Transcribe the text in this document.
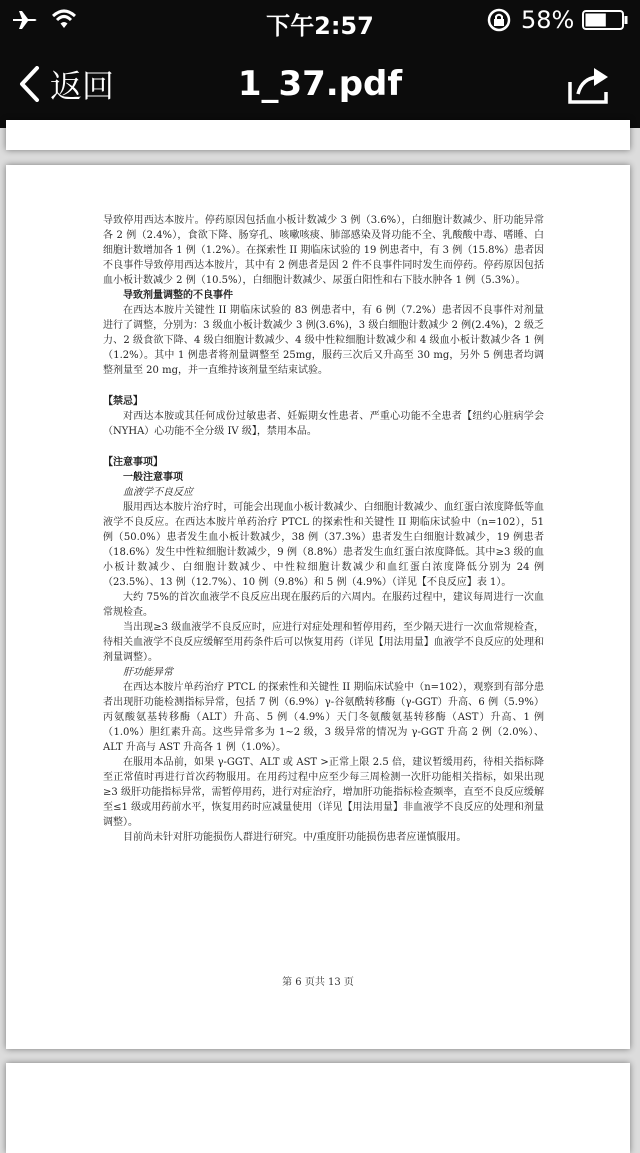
下午2:57	58%
返回	1_37.pdf

导致停用西达本胺片。停药原因包括血小板计数减少 3 例（3.6%），白细胞计数减少、肝功能异常各 2 例（2.4%），食欲下降、肠穿孔、咳嗽咳痰、肺部感染及肾功能不全、乳酸酸中毒、嗜睡、白细胞计数增加各 1 例（1.2%）。在探索性 II 期临床试验的 19 例患者中，有 3 例（15.8%）患者因不良事件导致停用西达本胺片，其中有 2 例患者是因 2 件不良事件同时发生而停药。停药原因包括血小板计数减少 2 例（10.5%），白细胞计数减少、尿蛋白阳性和右下肢水肿各 1 例（5.3%）。

导致剂量调整的不良事件

在西达本胺片关键性 II 期临床试验的 83 例患者中，有 6 例（7.2%）患者因不良事件对剂量进行了调整，分别为：3 级血小板计数减少 3 例(3.6%)，3 级白细胞计数减少 2 例(2.4%)，2 级乏力、2 级食欲下降、4 级白细胞计数减少、4 级中性粒细胞计数减少和 4 级血小板计数减少各 1 例（1.2%）。其中 1 例患者将剂量调整至 25mg，服药三次后又升高至 30 mg，另外 5 例患者均调整剂量至 20 mg，并一直维持该剂量至结束试验。

【禁忌】

对西达本胺或其任何成份过敏患者、妊娠期女性患者、严重心功能不全患者【纽约心脏病学会（NYHA）心功能不全分级 IV 级】，禁用本品。

【注意事项】

一般注意事项

血液学不良反应

服用西达本胺片治疗时，可能会出现血小板计数减少、白细胞计数减少、血红蛋白浓度降低等血液学不良反应。在西达本胺片单药治疗 PTCL 的探索性和关键性 II 期临床试验中（n=102），51 例（50.0%）患者发生血小板计数减少，38 例（37.3%）患者发生白细胞计数减少，19 例患者（18.6%）发生中性粒细胞计数减少，9 例（8.8%）患者发生血红蛋白浓度降低。其中≥3 级的血小板计数减少、白细胞计数减少、中性粒细胞计数减少和血红蛋白浓度降低分别为 24 例（23.5%）、13 例（12.7%）、10 例（9.8%）和 5 例（4.9%）（详见【不良反应】表 1）。

大约 75%的首次血液学不良反应出现在服药后的六周内。在服药过程中，建议每周进行一次血常规检查。

当出现≥3 级血液学不良反应时，应进行对症处理和暂停用药，至少隔天进行一次血常规检查，待相关血液学不良反应缓解至用药条件后可以恢复用药（详见【用法用量】血液学不良反应的处理和剂量调整）。

肝功能异常

在西达本胺片单药治疗 PTCL 的探索性和关键性 II 期临床试验中（n=102），观察到有部分患者出现肝功能检测指标异常，包括 7 例（6.9%）γ-谷氨酰转移酶（γ-GGT）升高、6 例（5.9%）丙氨酸氨基转移酶（ALT）升高、5 例（4.9%）天门冬氨酸氨基转移酶（AST）升高、1 例（1.0%）胆红素升高。这些异常多为 1~2 级，3 级异常的情况为 γ-GGT 升高 2 例（2.0%）、ALT 升高与 AST 升高各 1 例（1.0%）。

在服用本品前，如果 γ-GGT、ALT 或 AST >正常上限 2.5 倍，建议暂缓用药，待相关指标降至正常值时再进行首次药物服用。在用药过程中应至少每三周检测一次肝功能相关指标，如果出现≥3 级肝功能指标异常，需暂停用药，进行对症治疗，增加肝功能指标检查频率，直至不良反应缓解至≤1 级或用药前水平，恢复用药时应减量使用（详见【用法用量】非血液学不良反应的处理和剂量调整）。

目前尚未针对肝功能损伤人群进行研究。中/重度肝功能损伤患者应谨慎服用。

第 6 页共 13 页
